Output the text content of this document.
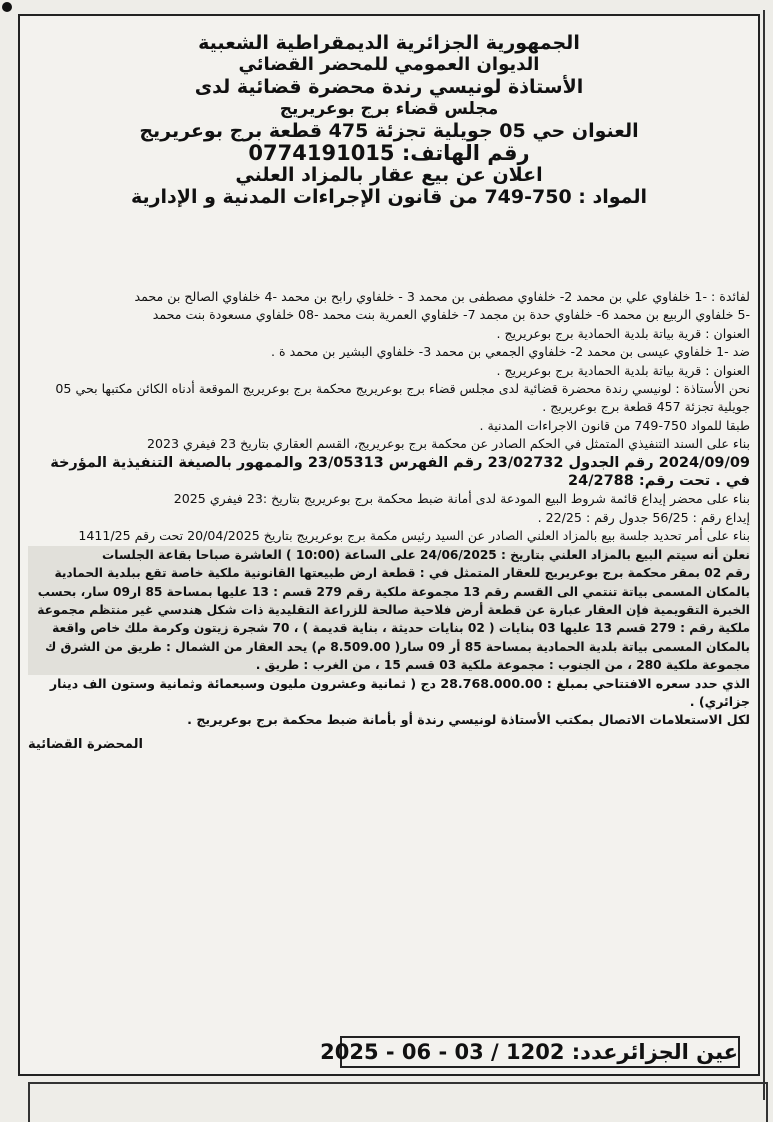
الجمهورية الجزائرية الديمقراطية الشعبية
الديوان العمومي للمحضر القضائي
الأستاذة لونيسي رندة محضرة قضائية لدى
مجلس قضاء برج بوعريريج
العنوان حي 05 جويلية تجزئة 475 قطعة برج بوعريريج
رقم الهاتف: 0774191015
اعلان عن بيع عقار بالمزاد العلني
المواد : 750-749 من قانون الإجراءات المدنية و الإدارية

لفائدة : -1 خلفاوي علي بن محمد 2- خلفاوي مصطفى بن محمد 3 - خلفاوي رابح بن محمد -4 خلفاوي الصالح بن محمد

-5 خلفاوي الربيع بن محمد 6- خلفاوي حدة بن مجمد 7- خلفاوي العمرية بنت محمد -08 خلفاوي مسعودة بنت محمد

العنوان : قرية بياتة بلدية الحمادية برج بوعريريج .

ضد -1 خلفاوي عيسى بن محمد 2- خلفاوي الجمعي بن محمد 3- خلفاوي البشير بن محمد ة .

العنوان : قرية بياتة بلدية الحمادية برج بوعريريج .

نحن الأستاذة : لونيسي رندة محضرة قضائية لدى مجلس قضاء برج بوعريريج محكمة برج بوعريريج الموقعة أدناه الكائن مكتبها بحي 05 جويلية تجزئة 457 قطعة برج بوعريريج .

طبقا للمواد 750-749 من قانون الاجراءات المدنية .

بناء على السند التنفيذي المتمثل في الحكم الصادر عن محكمة برج بوعريريج، القسم العقاري بتاريخ 23 فيفري 2023

2024/09/09 رقم الجدول 23/02732 رقم الفهرس 23/05313 والممهور بالصيغة التنفيذية المؤرخة في . تحت رقم: 24/2788

بناء على محضر إيداع قائمة شروط البيع المودعة لدى أمانة ضبط محكمة برج بوعريريج بتاريخ :23 فيفري 2025

إيداع رقم : 56/25 جدول رقم : 22/25 .

بناء على أمر تحديد جلسة بيع بالمزاد العلني الصادر عن السيد رئيس مكمة برج بوعريريج بتاريخ 20/04/2025 تحت رقم 1411/25

نعلن أنه سيتم البيع بالمزاد العلني بتاريخ : 24/06/2025 على الساعة (10:00 ) العاشرة صباحا بقاعة الجلسات

رقم 02 بمقر محكمة برج بوعريريج للعقار المتمثل في : قطعة ارض طبيعتها القانونية ملكية خاصة تقع ببلدية الحمادية بالمكان المسمى بياتة تنتمي الى القسم رقم 13 مجموعة ملكية رقم 279 قسم : 13 عليها بمساحة 85 ار09 سار، بحسب الخبرة التقويمية فإن العقار عبارة عن قطعة أرض فلاحية صالحة للزراعة التقليدية ذات شكل هندسي غير منتظم مجموعة ملكية رقم : 279 قسم 13 عليها 03 بنايات ( 02 بنايات حديثة ، بناية قديمة ) ، 70 شجرة زيتون وكرمة ملك خاص واقعة بالمكان المسمى بياتة بلدية الحمادية بمساحة 85 أر 09 سار( 8.509.00 م) يحد العقار من الشمال : طريق من الشرق ك مجموعة ملكية 280 ، من الجنوب : مجموعة ملكية 03 قسم 15 ، من الغرب : طريق .

الذي حدد سعره الافتتاحي بمبلغ : 28.768.000.00 دج ( ثمانية وعشرون مليون وسبعمائة وثمانية وستون الف دينار جزائري) .

لكل الاستعلامات الاتصال بمكتب الأستاذة لونيسي رندة أو بأمانة ضبط محكمة برج بوعريريج .

المحضرة القضائية

عين الجزائرعدد: 1202 / 03 - 06 - 2025
